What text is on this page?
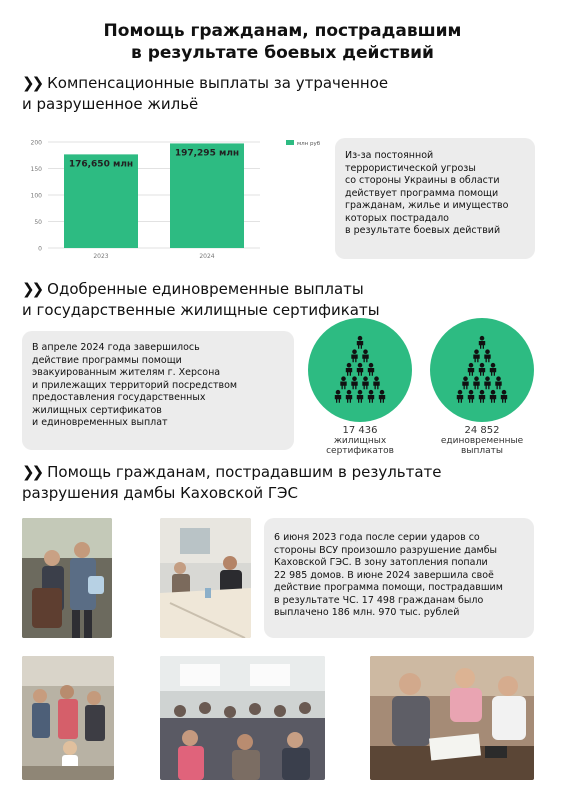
Помощь гражданам, пострадавшим
в результате боевых действий
❯❯ Компенсационные выплаты за утраченное
и разрушенное жильё
0
50
100
150
200
176,650 млн
2023
197,295 млн
2024
млн руб
Из-за постоянной
террористической угрозы
со стороны Украины в области
действует программа помощи
гражданам, жилье и имущество
которых пострадало
в результате боевых действий
❯❯ Одобренные единовременные выплаты
и государственные жилищные сертификаты
В апреле 2024 года завершилось
действие программы помощи
эвакуированным жителям г. Херсона
и прилежащих территорий посредством
предоставления государственных
жилищных сертификатов
и единовременных выплат
17 436
жилищных
сертификатов
24 852
единовременные
выплаты
❯❯ Помощь гражданам, пострадавшим в результате
разрушения дамбы Каховской ГЭС
6 июня 2023 года после серии ударов со
стороны ВСУ произошло разрушение дамбы
Каховской ГЭС. В зону затопления попали
22 985 домов. В июне 2024 завершила своё
действие программа помощи, пострадавшим
в результате ЧС. 17 498 гражданам было
выплачено 186 млн. 970 тыс. рублей
